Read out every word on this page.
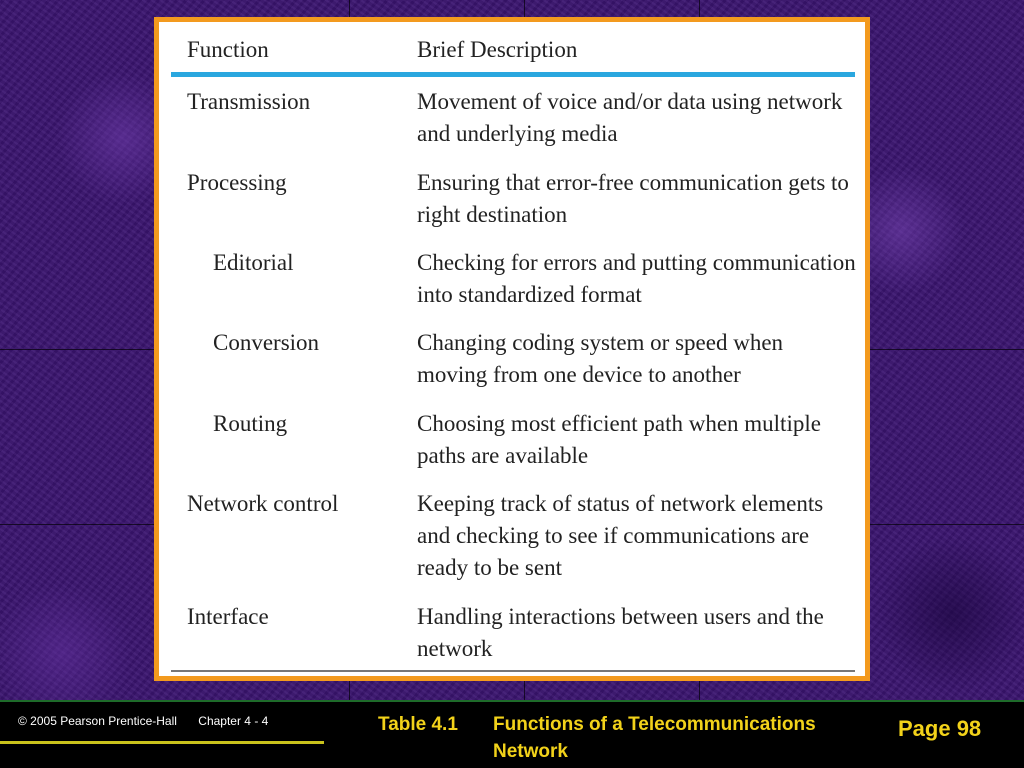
Function	Brief Description
Transmission	Movement of voice and/or data using network and underlying media
Processing	Ensuring that error-free communication gets to right destination
Editorial	Checking for errors and putting communication into standardized format
Conversion	Changing coding system or speed when moving from one device to another
Routing	Choosing most efficient path when multiple paths are available
Network control	Keeping track of status of network elements and checking to see if communications are ready to be sent
Interface	Handling interactions between users and the network
© 2005 Pearson Prentice-Hall Chapter 4 - 4	Table 4.1 Functions of a Telecommunications Network
Page 98
